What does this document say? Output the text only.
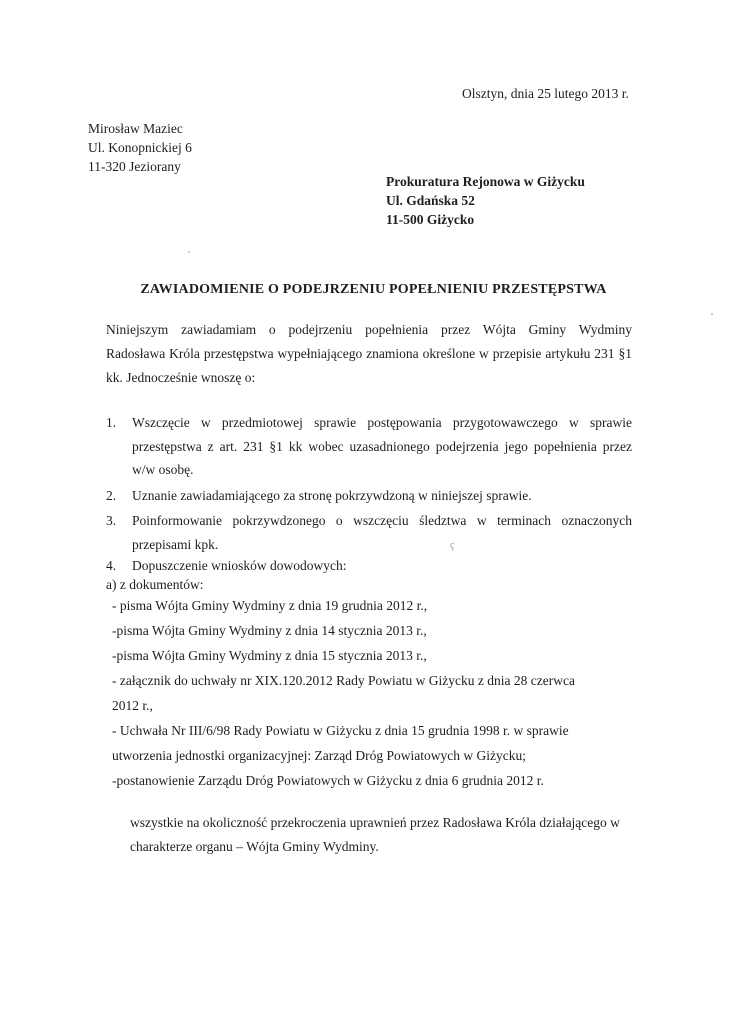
Olsztyn, dnia 25 lutego 2013 r.
Mirosław Maziec
Ul. Konopnickiej 6
11-320 Jeziorany
Prokuratura Rejonowa w Giżycku
Ul. Gdańska 52
11-500 Giżycko
ZAWIADOMIENIE O PODEJRZENIU POPEŁNIENIU PRZESTĘPSTWA
Niniejszym zawiadamiam o podejrzeniu popełnienia przez Wójta Gminy Wydminy
Radosława Króla przestępstwa wypełniającego znamiona określone w przepisie artykułu 231 §1
kk. Jednocześnie wnoszę o:
1. Wszczęcie w przedmiotowej sprawie postępowania przygotowawczego w sprawie
przestępstwa z art. 231 §1 kk wobec uzasadnionego podejrzenia jego popełnienia przez
w/w osobę.
2. Uznanie zawiadamiającego za stronę pokrzywdzoną w niniejszej sprawie.
3. Poinformowanie pokrzywdzonego o wszczęciu śledztwa w terminach oznaczonych
przepisami kpk.
4. Dopuszczenie wniosków dowodowych:
a) z dokumentów:
- pisma Wójta Gminy Wydminy z dnia 19 grudnia 2012 r.,
-pisma Wójta Gminy Wydminy z dnia 14 stycznia 2013 r.,
-pisma Wójta Gminy Wydminy z dnia 15 stycznia 2013 r.,
- załącznik do uchwały nr XIX.120.2012 Rady Powiatu w Giżycku z dnia 28 czerwca
2012 r.,
- Uchwała Nr III/6/98 Rady Powiatu w Giżycku z dnia 15 grudnia 1998 r. w sprawie
utworzenia jednostki organizacyjnej: Zarząd Dróg Powiatowych w Giżycku;
-postanowienie Zarządu Dróg Powiatowych w Giżycku z dnia 6 grudnia 2012 r.
wszystkie na okoliczność przekroczenia uprawnień przez Radosława Króla działającego w
charakterze organu – Wójta Gminy Wydminy.
ç
